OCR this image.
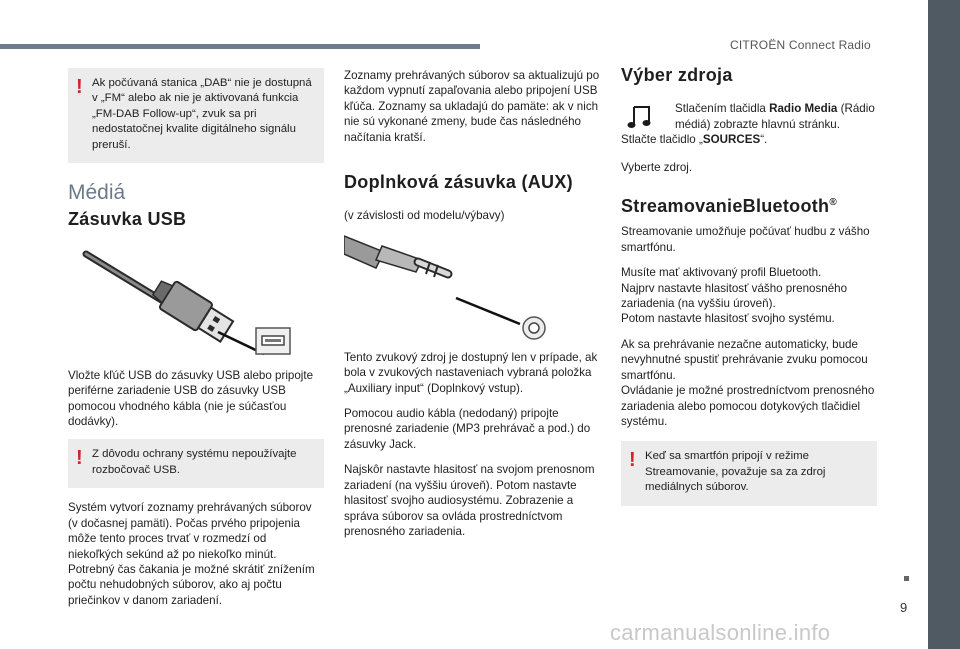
CITROËN Connect Radio
! Ak počúvaná stanica „DAB“ nie je dostupná v „FM“ alebo ak nie je aktivovaná funkcia „FM-DAB Follow-up“, zvuk sa pri nedostatočnej kvalite digitálneho signálu preruší.
Médiá
Zásuvka USB

Vložte kľúč USB do zásuvky USB alebo pripojte periférne zariadenie USB do zásuvky USB pomocou vhodného kábla (nie je súčasťou dodávky).

! Z dôvodu ochrany systému nepoužívajte rozbočovač USB.

Systém vytvorí zoznamy prehrávaných súborov (v dočasnej pamäti). Počas prvého pripojenia môže tento proces trvať v rozmedzí od niekoľkých sekúnd až po niekoľko minút. Potrebný čas čakania je možné skrátiť znížením počtu nehudobných súborov, ako aj počtu priečinkov v danom zariadení.

Zoznamy prehrávaných súborov sa aktualizujú po každom vypnutí zapaľovania alebo pripojení USB kľúča. Zoznamy sa ukladajú do pamäte: ak v nich nie sú vykonané zmeny, bude čas následného načítania kratší.

Doplnková zásuvka (AUX)

(v závislosti od modelu/výbavy)

Tento zvukový zdroj je dostupný len v prípade, ak bola v zvukových nastaveniach vybraná položka „Auxiliary input“ (Doplnkový vstup).

Pomocou audio kábla (nedodaný) pripojte prenosné zariadenie (MP3 prehrávač a pod.) do zásuvky Jack.

Najskôr nastavte hlasitosť na svojom prenosnom zariadení (na vyššiu úroveň). Potom nastavte hlasitosť svojho audiosystému. Zobrazenie a správa súborov sa ovláda prostredníctvom prenosného zariadenia.

Výber zdroja

Stlačením tlačidla Radio Media (Rádio médiá) zobrazte hlavnú stránku.

Stlačte tlačidlo „SOURCES“.

Vyberte zdroj.

StreamovanieBluetooth®

Streamovanie umožňuje počúvať hudbu z vášho smartfónu.

Musíte mať aktivovaný profil Bluetooth.

Najprv nastavte hlasitosť vášho prenosného zariadenia (na vyššiu úroveň).

Potom nastavte hlasitosť svojho systému.

Ak sa prehrávanie nezačne automaticky, bude nevyhnutné spustiť prehrávanie zvuku pomocou smartfónu.

Ovládanie je možné prostredníctvom prenosného zariadenia alebo pomocou dotykových tlačidiel systému.

! Keď sa smartfón pripojí v režime Streamovanie, považuje sa za zdroj mediálnych súborov.
9
carmanualsonline.info
